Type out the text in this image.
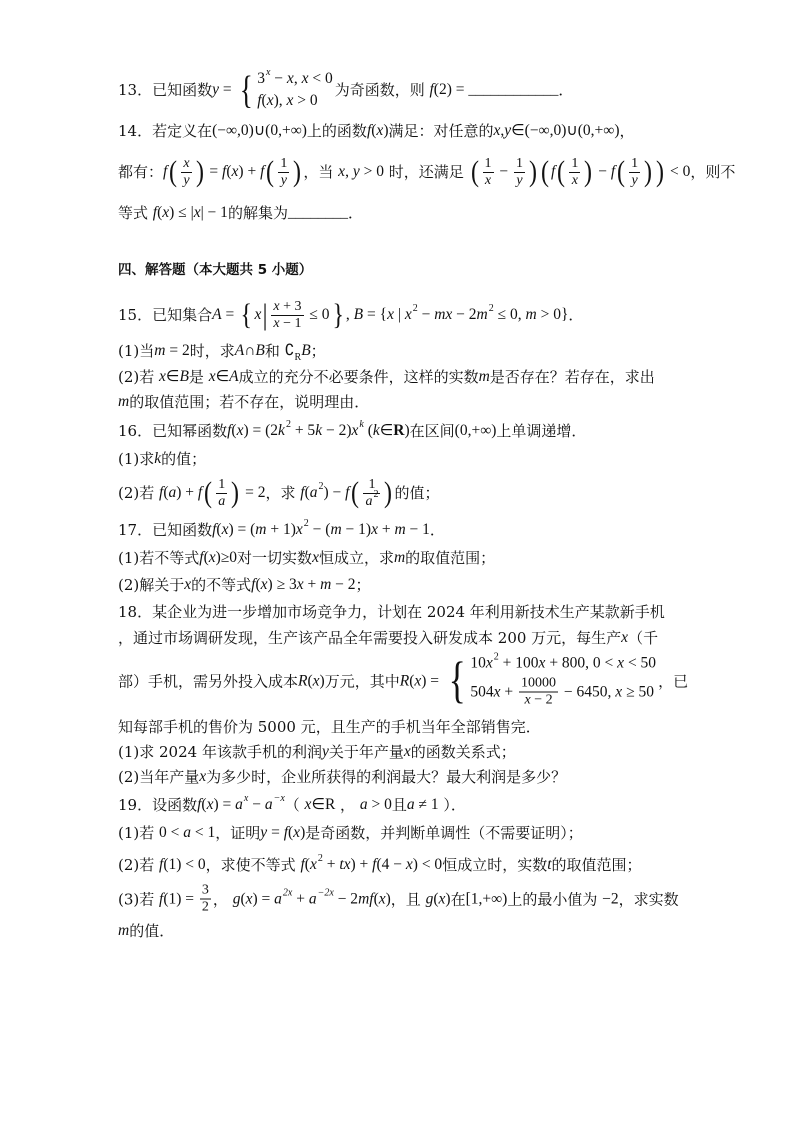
13．已知函数 y = { 3 x − x , x < 0
f ( x ), x > 0
为奇函数，则 f (2) = ____________ ．
14．若定义在 (−∞,0)∪(0,+∞) 上的函数 f ( x ) 满足：对任意的 x , y ∈(−∞,0)∪(0,+∞) ，
都有： f ( $\frac{x}{y}$ ) = f ( x ) + f ( $\frac{1}{y}$ ) ，当 x , y > 0 时，还满足 ( $\frac{1}{x} - \frac{1}{y}$ ) ( f ( $\frac{1}{x}$ ) − f ( $\frac{1}{y}$ ) ) < 0 ，则不
等式 f ( x ) ≤ | x | − 1 的解集为 ________ ．
四、解答题（本大题共 5 小题）
15．已知集合 A = { x | $\frac{x + 3}{x - 1} \le 0$ } , B = { x | x 2 − mx − 2 m 2 ≤ 0, m > 0} ．
(1)当 m = 2 时，求 A ∩ B 和 ∁ R B ；
(2)若 x ∈ B 是 x ∈ A 成立的充分不必要条件，这样的实数 m 是否存在？若存在，求出
m 的取值范围；若不存在，说明理由．
16．已知幂函数 f ( x ) = (2 k 2 + 5 k − 2) x k ( k ∈ R ) 在区间 (0,+∞) 上单调递增．
(1)求 k 的值；
(2)若 f ( a ) + f ( $\frac{1}{a}$ ) = 2 ，求 f ( a 2 ) − f ( $\frac{1}{a 2}$ ) 的值；
17．已知函数 f ( x ) = ( m + 1) x 2 − ( m − 1) x + m − 1 ．
(1)若不等式 f ( x )≥0 对一切实数 x 恒成立，求 m 的取值范围；
(2)解关于 x 的不等式 f ( x ) ≥ 3 x + m − 2 ；
18．某企业为进一步增加市场竞争力，计划在 2024 年利用新技术生产某款新手机
，通过市场调研发现，生产该产品全年需要投入研发成本 200 万元，每生产 x （千
部）手机，需另外投入成本 R ( x ) 万元，其中 R ( x ) = { 10 x 2 + 100 x + 800, 0 < x < 50
504 $x + \frac{10000}{x - 2} - 6450$, x ≥ 50
，已
知每部手机的售价为 5000 元，且生产的手机当年全部销售完．
(1)求 2024 年该款手机的利润 y 关于年产量 x 的函数关系式；
(2)当年产量 x 为多少时，企业所获得的利润最大？最大利润是多少？
19．设函数 f ( x ) = a x − a −x （ x ∈R ， a > 0 且 a ≠ 1 ）．
(1)若 0 < a < 1 ，证明 y = f ( x ) 是奇函数，并判断单调性（不需要证明）；
(2)若 f (1) < 0 ，求使不等式 f ( x 2 + tx ) + f (4 − x ) < 0 恒成立时，实数 t 的取值范围；
(3)若 f $(1) = \frac{3}{2}$ ， g ( x ) = a 2x + a −2x − 2 mf ( x ) ，且 g ( x ) 在 [1,+∞) 上的最小值为 −2 ，求实数
m 的值．
